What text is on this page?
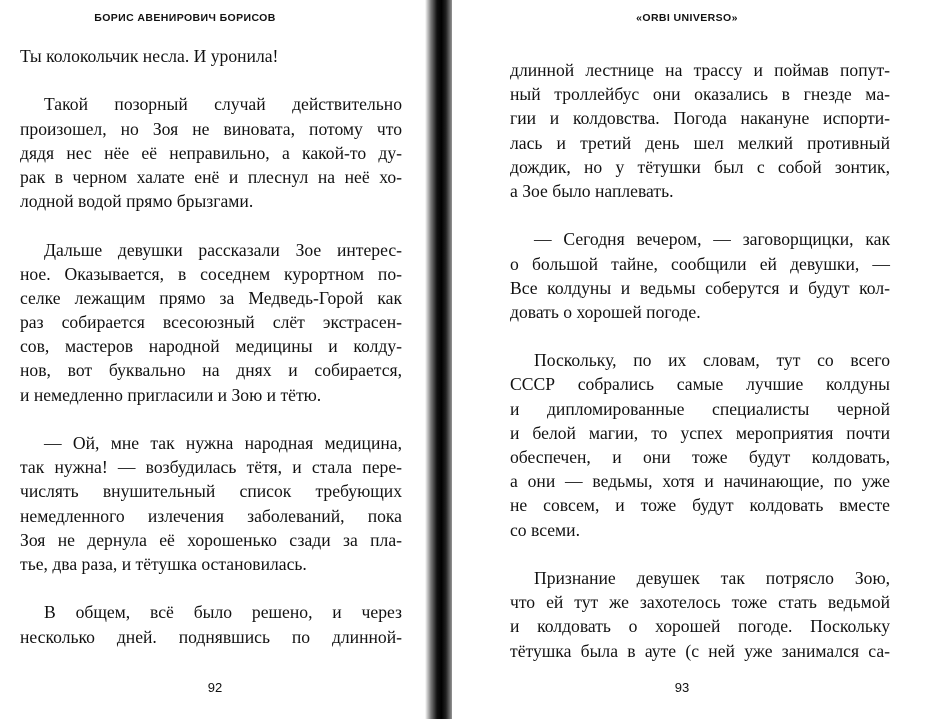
БОРИС АВЕНИРОВИЧ БОРИСОВ
Ты колокольчик несла. И уронила!
Такой позорный случай действительно
произошел, но Зоя не виновата, потому что
дядя нес нёе её неправильно, а какой-то ду-
рак в черном халате енё и плеснул на неё хо-
лодной водой прямо брызгами.
Дальше девушки рассказали Зое интерес-
ное. Оказывается, в соседнем курортном по-
селке лежащим прямо за Медведь-Горой как
раз собирается всесоюзный слёт экстрасен-
сов, мастеров народной медицины и колду-
нов, вот буквально на днях и собирается,
и немедленно пригласили и Зою и тётю.
— Ой, мне так нужна народная медицина,
так нужна! — возбудилась тётя, и стала пере-
числять внушительный список требующих
немедленного излечения заболеваний, пока
Зоя не дернула её хорошенько сзади за пла-
тье, два раза, и тётушка остановилась.
В общем, всё было решено, и через
несколько дней. поднявшись по длинной-
92
«ORBI UNIVERSO»
длинной лестнице на трассу и поймав попут-
ный троллейбус они оказались в гнезде ма-
гии и колдовства. Погода накануне испорти-
лась и третий день шел мелкий противный
дождик, но у тётушки был с собой зонтик,
а Зое было наплевать.
— Сегодня вечером, — заговорщицки, как
о большой тайне, сообщили ей девушки, —
Все колдуны и ведьмы соберутся и будут кол-
довать о хорошей погоде.
Поскольку, по их словам, тут со всего
СССР собрались самые лучшие колдуны
и дипломированные специалисты черной
и белой магии, то успех мероприятия почти
обеспечен, и они тоже будут колдовать,
а они — ведьмы, хотя и начинающие, по уже
не совсем, и тоже будут колдовать вместе
со всеми.
Признание девушек так потрясло Зою,
что ей тут же захотелось тоже стать ведьмой
и колдовать о хорошей погоде. Поскольку
тётушка была в ауте (с ней уже занимался са-
93
